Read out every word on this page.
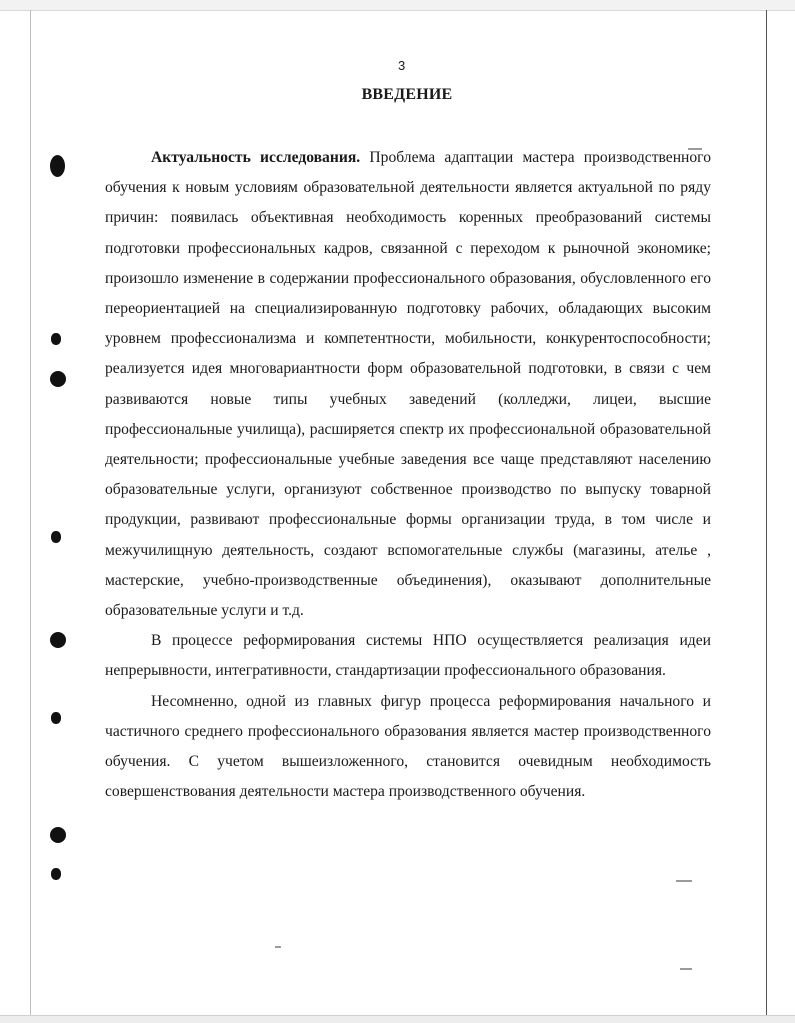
3
ВВЕДЕНИЕ

Актуальность исследования. Проблема адаптации мастера производственного обучения к новым условиям образовательной деятельности является актуальной по ряду причин: появилась объективная необходимость коренных преобразований системы подготовки профессиональных кадров, связанной с переходом к рыночной экономике; произошло изменение в содержании профессионального образования, обусловленного его переориентацией на специализированную подготовку рабочих, обладающих высоким уровнем профессионализма и компетентности, мобильности, конкурентоспособности; реализуется идея многовариантности форм образовательной подготовки, в связи с чем развиваются новые типы учебных заведений (колледжи, лицеи, высшие профессиональные училища), расширяется спектр их профессиональной образовательной деятельности; профессиональные учебные заведения все чаще представляют населению образовательные услуги, организуют собственное производство по выпуску товарной продукции, развивают профессиональные формы организации труда, в том числе и межучилищную деятельность, создают вспомогательные службы (магазины, ателье , мастерские, учебно-производственные объединения), оказывают дополнительные образовательные услуги и т.д.

В процессе реформирования системы НПО осуществляется реализация идеи непрерывности, интегративности, стандартизации профессионального образования.

Несомненно, одной из главных фигур процесса реформирования начального и частичного среднего профессионального образования является мастер производственного обучения. С учетом вышеизложенного, становится очевидным необходимость совершенствования деятельности мастера производственного обучения.
